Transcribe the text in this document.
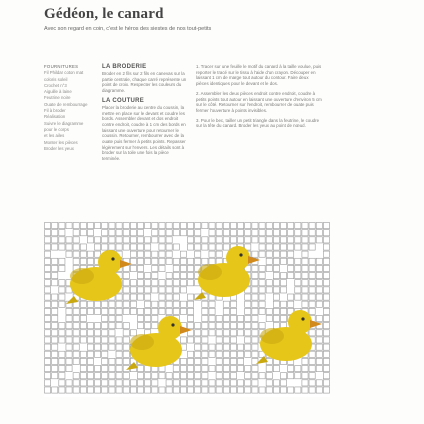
Gédéon, le canard
Avec son regard en coin, c'est le héros des siestes de nos tout-petits
FOURNITURES
Fil Phildar coton mat
coloris soleil
Crochet n°3
Aiguille à laine
Feutrine noire
Ouate de rembourrage
Fil à broder
Réalisation
Suivre le diagramme
pour le corps
et les ailes
Monter les pièces
Broder les yeux
LA BRODERIE
Broder en 2 fils sur 2 fils en canevas sur la partie centrale, chaque carré représente un point de croix. Respecter les couleurs du diagramme.
LA COUTURE
Placer la broderie au centre du coussin, la mettre en place sur le devant et coudre les bords. Assembler devant et dos endroit contre endroit, coudre à 1 cm des bords en laissant une ouverture pour retourner le coussin. Retourner, rembourrer avec de la ouate puis fermer à petits points. Repasser légèrement sur l'envers. Les détails sont à broder sur la toile une fois la pièce terminée.
1. Tracer sur une feuille le motif du canard à la taille voulue, puis reporter le tracé sur le tissu à l'aide d'un crayon. Découper en laissant 1 cm de marge tout autour du contour. Faire deux pièces identiques pour le devant et le dos.
2. Assembler les deux pièces endroit contre endroit, coudre à petits points tout autour en laissant une ouverture d'environ 5 cm sur le côté. Retourner sur l'endroit, rembourrer de ouate puis fermer l'ouverture à points invisibles.
3. Pour le bec, tailler un petit triangle dans la feutrine, le coudre sur la tête du canard. Broder les yeux au point de nœud.
